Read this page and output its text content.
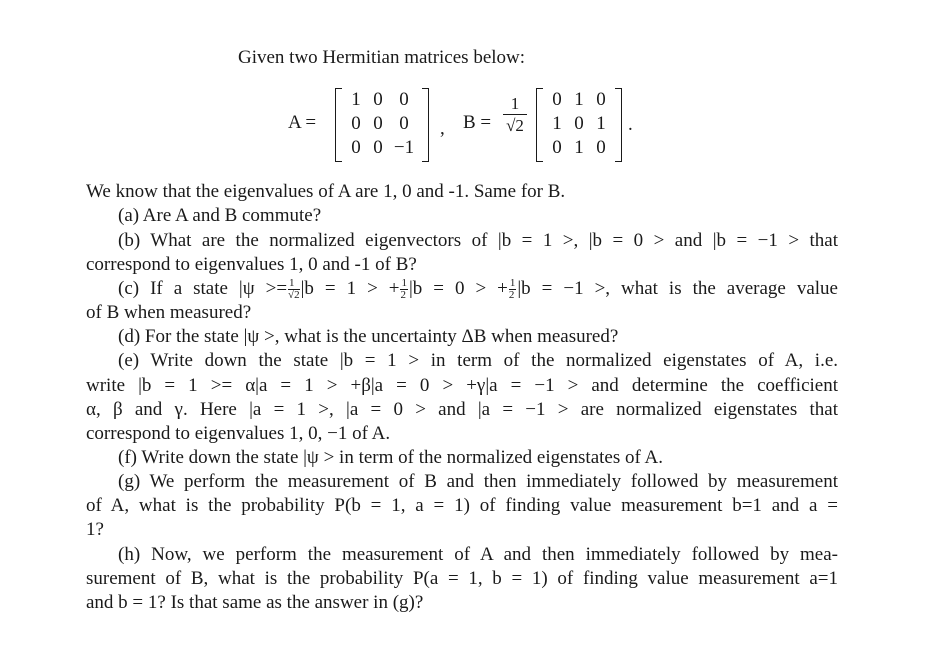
Given two Hermitian matrices below:
A =
1 0 0
0 0 0
0 0 −1
, B =
1
√2
0 1 0
1 0 1
0 1 0
.
We know that the eigenvalues of A are 1, 0 and -1. Same for B.
(a) Are A and B commute?
(b) What are the normalized eigenvectors of |b = 1 >, |b = 0 > and |b = −1 > that
correspond to eigenvalues 1, 0 and -1 of B?
(c) If a state $|\psi >= \frac{1}{√2} |b = 1$ > + $\frac{1}{2} |b = 0$ > + $\frac{1}{2} |b = -1$ >, what is the average value
of B when measured?
(d) For the state |ψ >, what is the uncertainty ΔB when measured?
(e) Write down the state |b = 1 > in term of the normalized eigenstates of A, i.e.
write |b = 1 >= α|a = 1 > +β|a = 0 > +γ|a = −1 > and determine the coefficient
α, β and γ. Here |a = 1 >, |a = 0 > and |a = −1 > are normalized eigenstates that
correspond to eigenvalues 1, 0, −1 of A.
(f) Write down the state |ψ > in term of the normalized eigenstates of A.
(g) We perform the measurement of B and then immediately followed by measurement
of A, what is the probability P(b = 1, a = 1) of finding value measurement b=1 and a =
1?
(h) Now, we perform the measurement of A and then immediately followed by mea-
surement of B, what is the probability P(a = 1, b = 1) of finding value measurement a=1
and b = 1? Is that same as the answer in (g)?
